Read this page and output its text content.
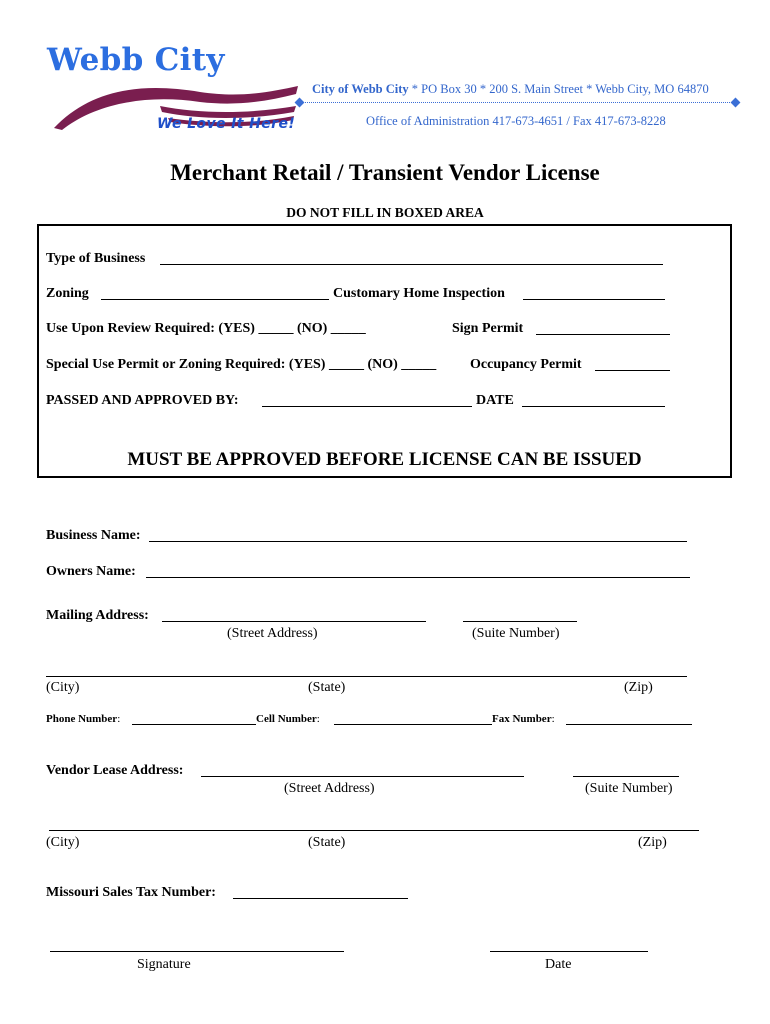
Webb City
We Love It Here!
City of Webb City * PO Box 30 * 200 S. Main Street * Webb City, MO 64870
Office of Administration 417-673-4651 / Fax 417-673-8228
Merchant Retail / Transient Vendor License
DO NOT FILL IN BOXED AREA
Type of Business
Zoning	Customary Home Inspection
Use Upon Review Required: (YES) _____ (NO) _____	Sign Permit
Special Use Permit or Zoning Required: (YES) _____ (NO) _____ Occupancy Permit
PASSED AND APPROVED BY:	DATE
MUST BE APPROVED BEFORE LICENSE CAN BE ISSUED
Business Name:
Owners Name:
Mailing Address:
(Street Address)	(Suite Number)
(City)	(State)	(Zip)
Phone Number:	Cell Number:	Fax Number:
Vendor Lease Address:
(Street Address)	(Suite Number)
(City)	(State)	(Zip)
Missouri Sales Tax Number:
Signature	Date
